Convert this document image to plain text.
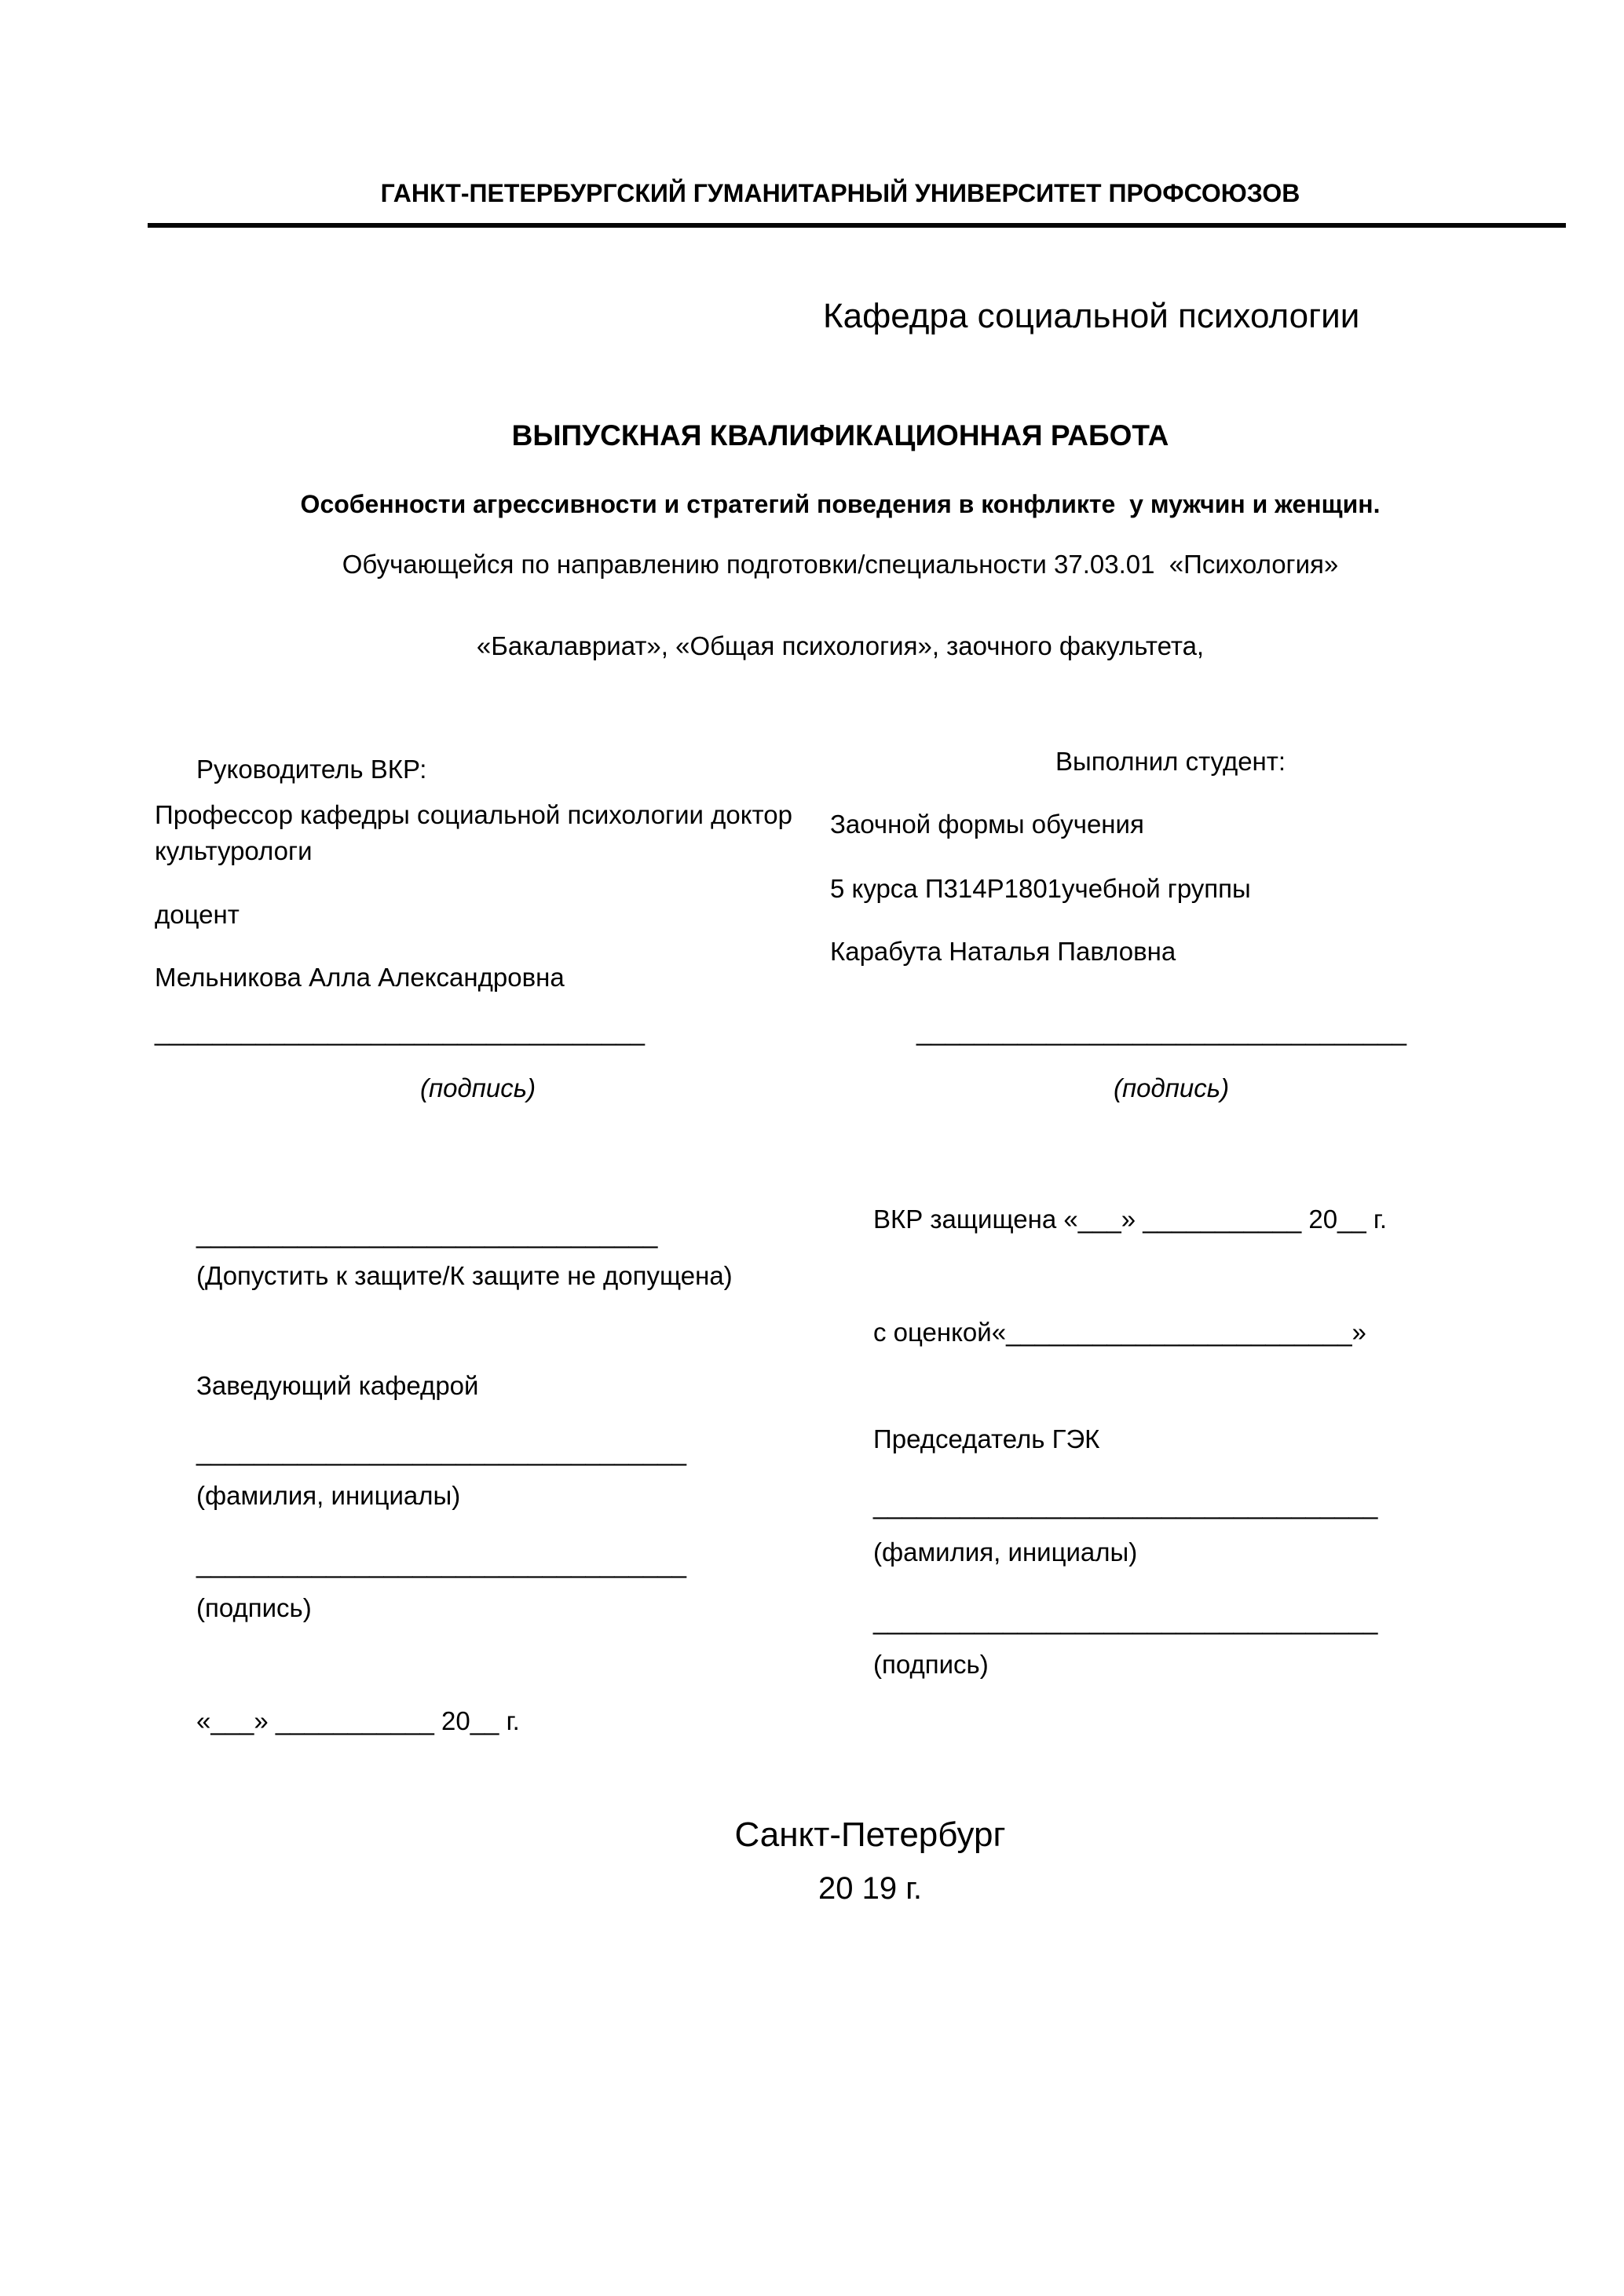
ГАНКТ-ПЕТЕРБУРГСКИЙ ГУМАНИТАРНЫЙ УНИВЕРСИТЕТ ПРОФСОЮЗОВ
Кафедра социальной психологии
ВЫПУСКНАЯ КВАЛИФИКАЦИОННАЯ РАБОТА
Особенности агрессивности и стратегий поведения в конфликте  у мужчин и женщин.
Обучающейся по направлению подготовки/специальности 37.03.01  «Психология»
«Бакалавриат», «Общая психология», заочного факультета,
Руководитель ВКР:
Профессор кафедры социальной психологии доктор культурологи
доцент
Мельникова Алла Александровна
__________________________________
(подпись)
Выполнил студент:
Заочной формы обучения
5 курса П314Р1801учебной группы
Карабута Наталья Павловна
__________________________________
(подпись)
________________________________
(Допустить к защите/К защите не допущена)
Заведующий кафедрой
__________________________________
(фамилия, инициалы)
__________________________________
(подпись)
«___» ___________ 20__ г.
ВКР защищена «___» ___________ 20__ г.
с оценкой«________________________»
Председатель ГЭК
___________________________________
(фамилия, инициалы)
___________________________________
(подпись)
Санкт-Петербург
20 19 г.
